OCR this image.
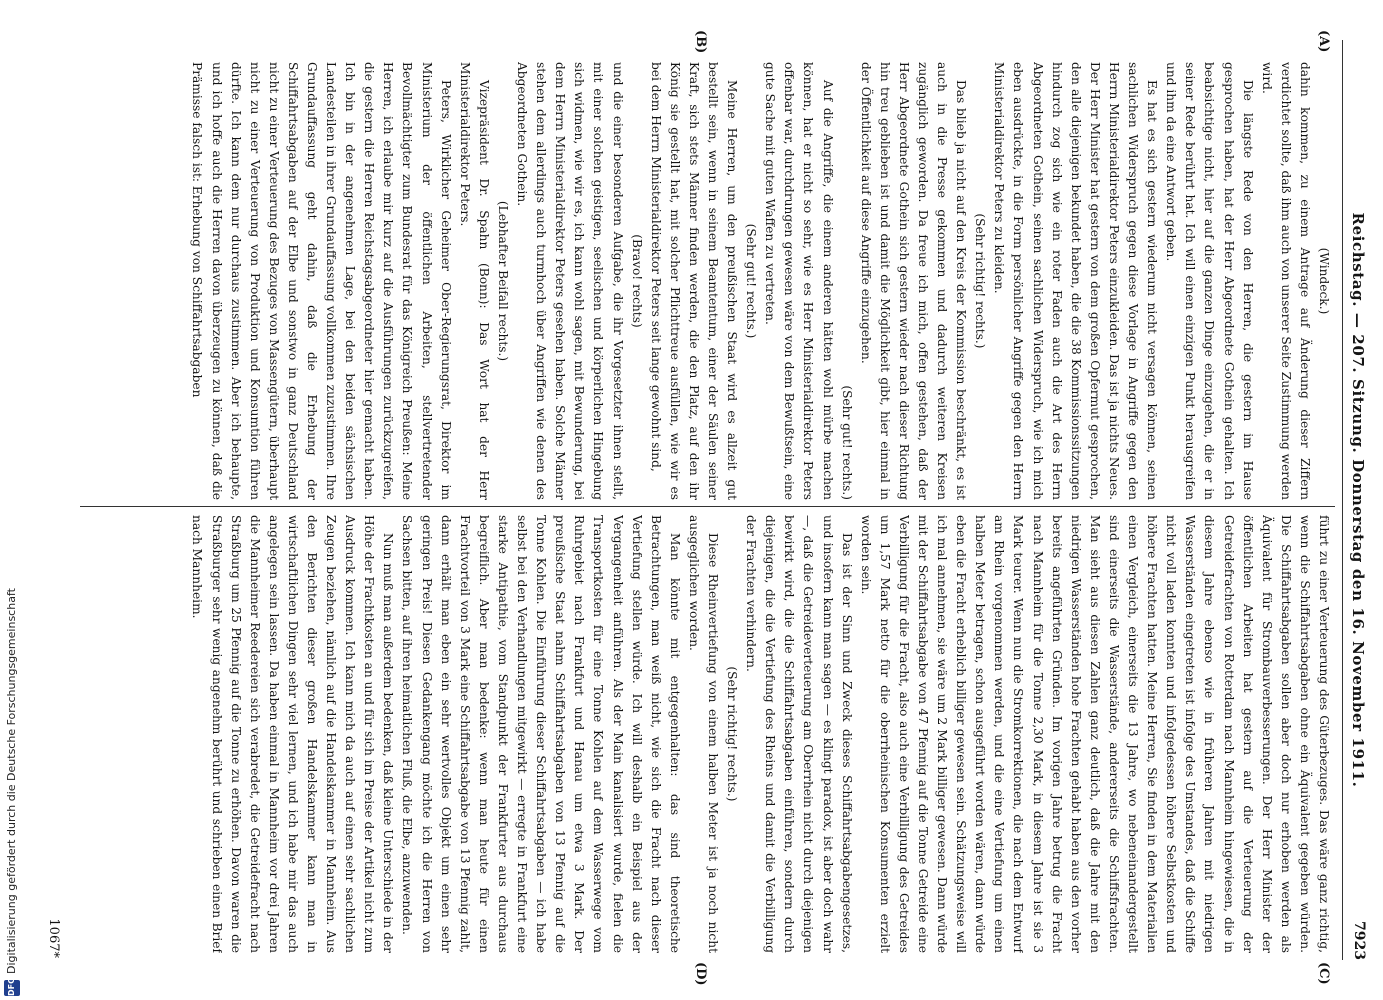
Reichstag. — 207. Sitzung. Donnerstag den 16. November 1911.
7923
(A)
(B)
(C)
(D)

(Windeck.)

dahin kommen, zu einem Antrage auf Änderung dieser Ziffern verdichtet sollte, daß ihm auch von unserer Seite Zustimmung werden wird.

Die längste Rede von den Herren, die gestern im Hause gesprochen haben, hat der Herr Abgeordnete Gothein gehalten. Ich beabsichtige nicht, hier auf die ganzen Dinge einzugehen, die er in seiner Rede berührt hat. Ich will einen einzigen Punkt herausgreifen und ihm da eine Antwort geben.

Es hat es sich gestern wiederum nicht versagen können, seinen sachlichen Widerspruch gegen diese Vorlage in Angriffe gegen den Herrn Ministerialdirektor Peters einzukleiden. Das ist ja nichts Neues. Der Herr Minister hat gestern von dem großen Opfermut gesprochen, den alle diejenigen bekundet haben, die die 38 Kommissionssitzungen hindurch zog sich wie ein roter Faden auch die Art des Herrn Abgeordneten Gothein, seinen sachlichen Widerspruch, wie ich mich eben ausdrückte, in die Form persönlicher Angriffe gegen den Herrn Ministerialdirektor Peters zu kleiden.

(Sehr richtig! rechts.)

Das blieb ja nicht auf den Kreis der Kommission beschränkt, es ist auch in die Presse gekommen und dadurch weiteren Kreisen zugänglich geworden. Da freue ich mich, offen gestehen, daß der Herr Abgeordnete Gothein sich gestern wieder nach dieser Richtung hin treu geblieben ist und damit die Möglichkeit gibt, hier einmal in der Öffentlichkeit auf diese Angriffe einzugehen.

(Sehr gut! rechts.)

Auf die Angriffe, die einem anderen hätten wohl mürbe machen können, hat er nicht so sehr, wie es Herr Ministerialdirektor Peters offenbar war, durchdrungen gewesen wäre von dem Bewußtsein, eine gute Sache mit guten Waffen zu vertreten.

(Sehr gut! rechts.)

Meine Herren, um den preußischen Staat wird es allzeit gut bestellt sein, wenn in seinem Beamtentum, einer der Säulen seiner Kraft, sich stets Männer finden werden, die den Platz, auf den ihr König sie gestellt hat, mit solcher Pflichttreue ausfüllen, wie wir es bei dem Herrn Ministerialdirektor Peters seit lange gewohnt sind,

(Bravo! rechts)

und die einer besonderen Aufgabe, die ihr Vorgesetzter ihnen stellt, mit einer solchen geistigen, seelischen und körperlichen Hingebung sich widmen, wie wir es, ich kann wohl sagen, mit Bewunderung, bei dem Herrn Ministerialdirektor Peters gesehen haben. Solche Männer stehen dem allerdings auch turmhoch über Angriffen wie denen des Abgeordneten Gothein.

(Lebhafter Beifall rechts.)

Vizepräsident Dr. Spahn (Bonn): Das Wort hat der Herr Ministerialdirektor Peters.

Peters, Wirklicher Geheimer Ober-Regierungsrat, Direktor im Ministerium der öffentlichen Arbeiten, stellvertretender Bevollmächtigter zum Bundesrat für das Königreich Preußen: Meine Herren, ich erlaube mir kurz auf die Ausführungen zurückzugreifen, die gestern die Herren Reichstagsabgeordneter hier gemacht haben. Ich bin in der angenehmen Lage, bei den beiden sächsischen Landesteilen in ihrer Grundauffassung vollkommen zuzustimmen. Ihre Grundauffassung geht dahin, daß die Erhebung der Schiffahrtsabgaben auf der Elbe und sonstwo in ganz Deutschland nicht zu einer Verteuerung des Bezuges von Massengütern, überhaupt nicht zu einer Verteuerung von Produktion und Konsumtion führen dürfte. Ich kann dem nur durchaus zustimmen. Aber ich behaupte, und ich hoffe auch die Herren davon überzeugen zu können, daß die Prämisse falsch ist: Erhebung von Schiffahrtsabgaben

führt zu einer Verteuerung des Güterbezuges. Das wäre ganz richtig, wenn die Schiffahrtsabgaben ohne ein Äquivalent gegeben würden. Die Schiffahrtsabgaben sollen aber doch nur erhoben werden als Äquivalent für Strombauverbesserungen. Der Herr Minister der öffentlichen Arbeiten hat gestern auf die Verteuerung der Getreidefrachten von Rotterdam nach Mannheim hingewiesen, die in diesem Jahre ebenso wie in früheren Jahren mit niedrigen Wasserständen eingetreten ist infolge des Umstandes, daß die Schiffe nicht voll laden konnten und infolgedessen höhere Selbstkosten und höhere Frachten hatten. Meine Herren, Sie finden in dem Materialien einen Vergleich, einerseits die 13 Jahre, wo nebeneinandergestellt sind einerseits die Wasserstände, andererseits die Schiffsfrachten. Man sieht aus diesen Zahlen ganz deutlich, daß die Jahre mit den niedrigen Wasserständen hohe Frachten gehabt haben aus den vorher bereits angeführten Gründen. Im vorigen Jahre betrug die Fracht nach Mannheim für die Tonne 2,30 Mark, in diesem Jahre ist sie 3 Mark teurer. Wenn nun die Stromkorrektionen, die nach dem Entwurf am Rhein vorgenommen werden, und die eine Vertiefung um einen halben Meter betragen, schon ausgeführt worden wären, dann würde eben die Fracht erheblich billiger gewesen sein. Schätzungsweise will ich mal annehmen, sie wäre um 2 Mark billiger gewesen. Dann würde mit der Schiffahrtsabgabe von 47 Pfennig auf die Tonne Getreide eine Verbilligung für die Fracht, also auch eine Verbilligung des Getreides um 1,57 Mark netto für die oberrheinischen Konsumenten erzielt worden sein.

Das ist der Sinn und Zweck dieses Schiffahrtsabgabengesetzes, und insofern kann man sagen — es klingt paradox, ist aber doch wahr —, daß die Getreideverteuerung am Oberrhein nicht durch diejenigen bewirkt wird, die die Schiffahrtsabgaben einführen, sondern durch diejenigen, die die Vertiefung des Rheins und damit die Verbilligung der Frachten verhindern.

(Sehr richtig! rechts.)

Diese Rheinvertiefung von einem halben Meter ist ja noch nicht ausgeglichen worden.

Man könnte mit entgegenhalten: das sind theoretische Betrachtungen, man weiß nicht, wie sich die Fracht nach dieser Vertiefung stellen würde. Ich will deshalb ein Beispiel aus der Vergangenheit anführen. Als der Main kanalisiert wurde, fielen die Transportkosten für eine Tonne Kohlen auf dem Wasserwege vom Ruhrgebiet nach Frankfurt und Hanau um etwa 3 Mark. Der preußische Staat nahm Schiffahrtsabgaben von 13 Pfennig auf die Tonne Kohlen. Die Einführung dieser Schiffahrtsabgaben — ich habe selbst bei den Verhandlungen mitgewirkt — erregte in Frankfurt eine starke Antipathie, vom Standpunkt der Frankfurter aus durchaus begreiflich. Aber man bedenke: wenn man heute für einen Frachtvorteil von 3 Mark eine Schiffahrtsabgabe von 13 Pfennig zahlt, dann erhält man eben ein sehr wertvolles Objekt um einen sehr geringen Preis! Diesen Gedankengang möchte ich die Herren von Sachsen bitten, auf ihren heimatlichen Fluß, die Elbe, anzuwenden.

Nun muß man außerdem bedenken, daß kleine Unterschiede in der Höhe der Frachtkosten an und für sich im Preise der Artikel nicht zum Ausdruck kommen. Ich kann mich da auch auf einen sehr sachlichen Zeugen beziehen, nämlich auf die Handelskammer in Mannheim. Aus den Berichten dieser großen Handelskammer kann man in wirtschaftlichen Dingen sehr viel lernen, und ich habe mir das auch angelegen sein lassen. Da haben einmal in Mannheim vor drei Jahren die Mannheimer Reedereien sich verabredet, die Getreidefracht nach Straßburg um 25 Pfennig auf die Tonne zu erhöhen. Davon waren die Straßburger sehr wenig angenehm berührt und schrieben einen Brief nach Mannheim.

1067*
DFG
Digitalisierung gefördert durch die Deutsche Forschungsgemeinschaft
